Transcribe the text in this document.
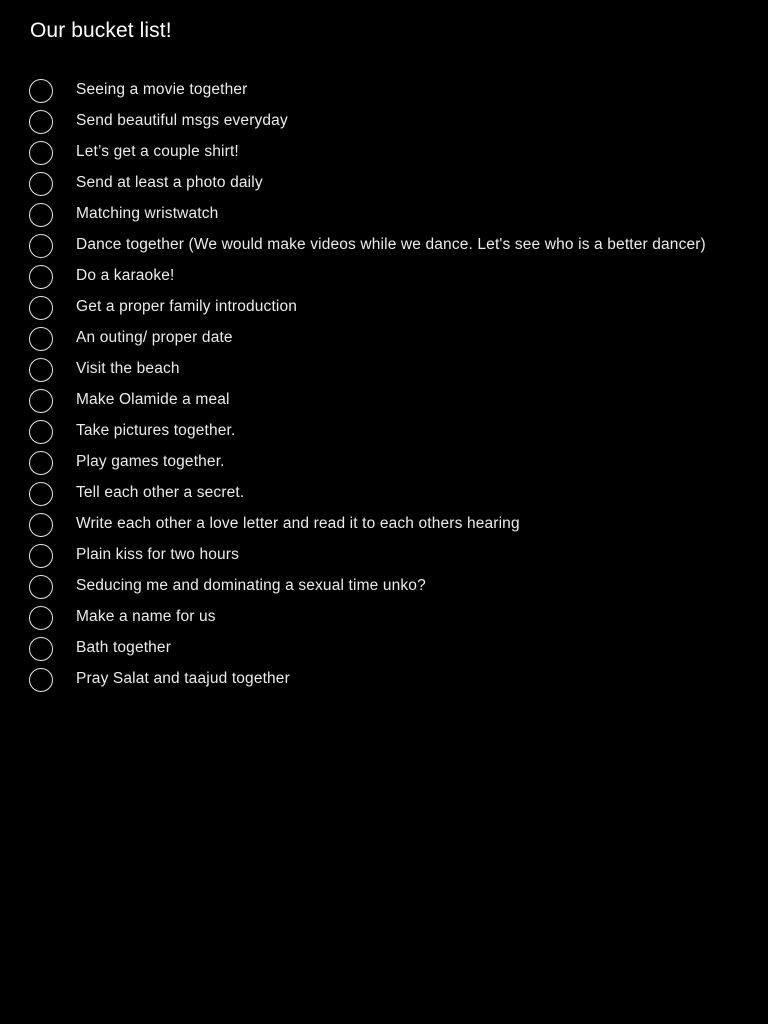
Our bucket list!
Seeing a movie together
Send beautiful msgs everyday
Let’s get a couple shirt!
Send at least a photo daily
Matching wristwatch
Dance together (We would make videos while we dance. Let's see who is a better dancer)
Do a karaoke!
Get a proper family introduction
An outing/ proper date
Visit the beach
Make Olamide a meal
Take pictures together.
Play games together.
Tell each other a secret.
Write each other a love letter and read it to each others hearing
Plain kiss for two hours
Seducing me and dominating a sexual time unko?
Make a name for us
Bath together
Pray Salat and taajud together
